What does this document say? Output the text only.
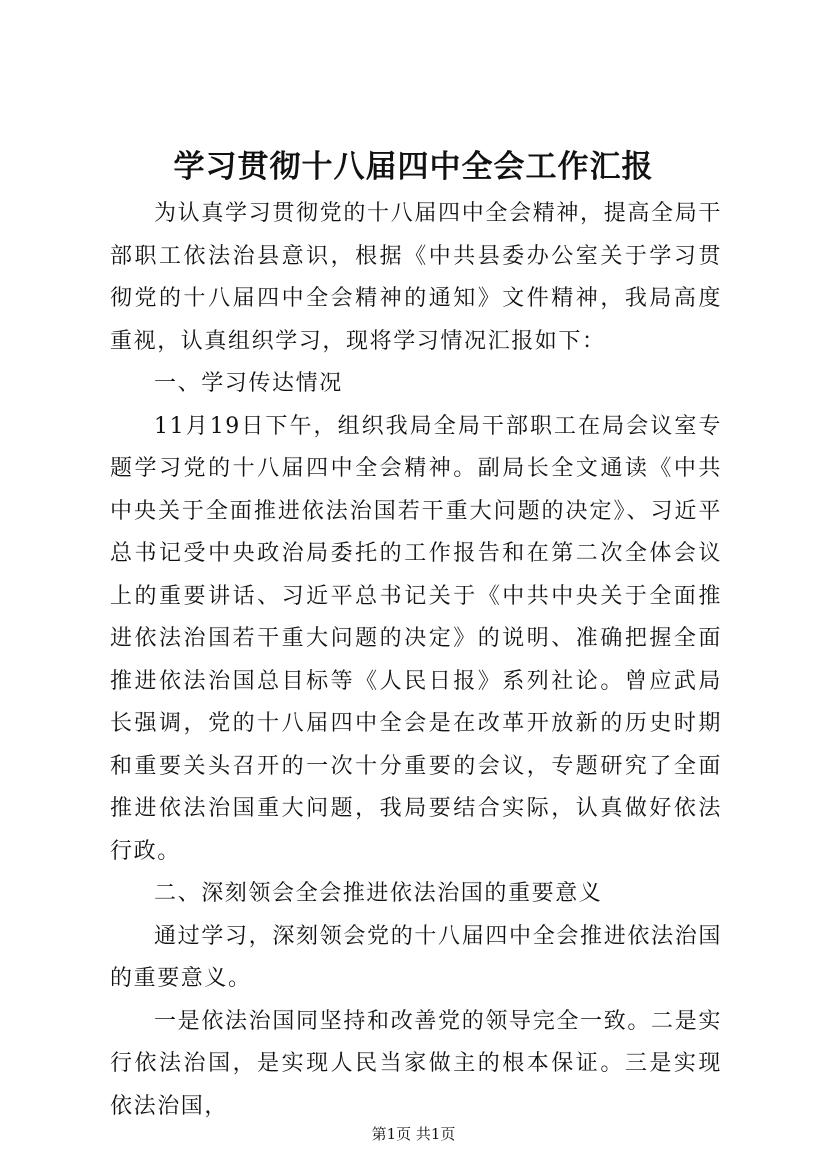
学习贯彻十八届四中全会工作汇报

为认真学习贯彻党的十八届四中全会精神，提高全局干部职工依法治县意识，根据《中共县委办公室关于学习贯彻党的十八届四中全会精神的通知》文件精神，我局高度重视，认真组织学习，现将学习情况汇报如下：

一、学习传达情况

11月19日下午，组织我局全局干部职工在局会议室专题学习党的十八届四中全会精神。副局长全文通读《中共中央关于全面推进依法治国若干重大问题的决定》、习近平总书记受中央政治局委托的工作报告和在第二次全体会议上的重要讲话、习近平总书记关于《中共中央关于全面推进依法治国若干重大问题的决定》的说明、准确把握全面推进依法治国总目标等《人民日报》系列社论。曾应武局长强调，党的十八届四中全会是在改革开放新的历史时期和重要关头召开的一次十分重要的会议，专题研究了全面推进依法治国重大问题，我局要结合实际，认真做好依法行政。

二、深刻领会全会推进依法治国的重要意义

通过学习，深刻领会党的十八届四中全会推进依法治国的重要意义。

一是依法治国同坚持和改善党的领导完全一致。二是实行依法治国，是实现人民当家做主的根本保证。三是实现依法治国，

第1页 共1页
